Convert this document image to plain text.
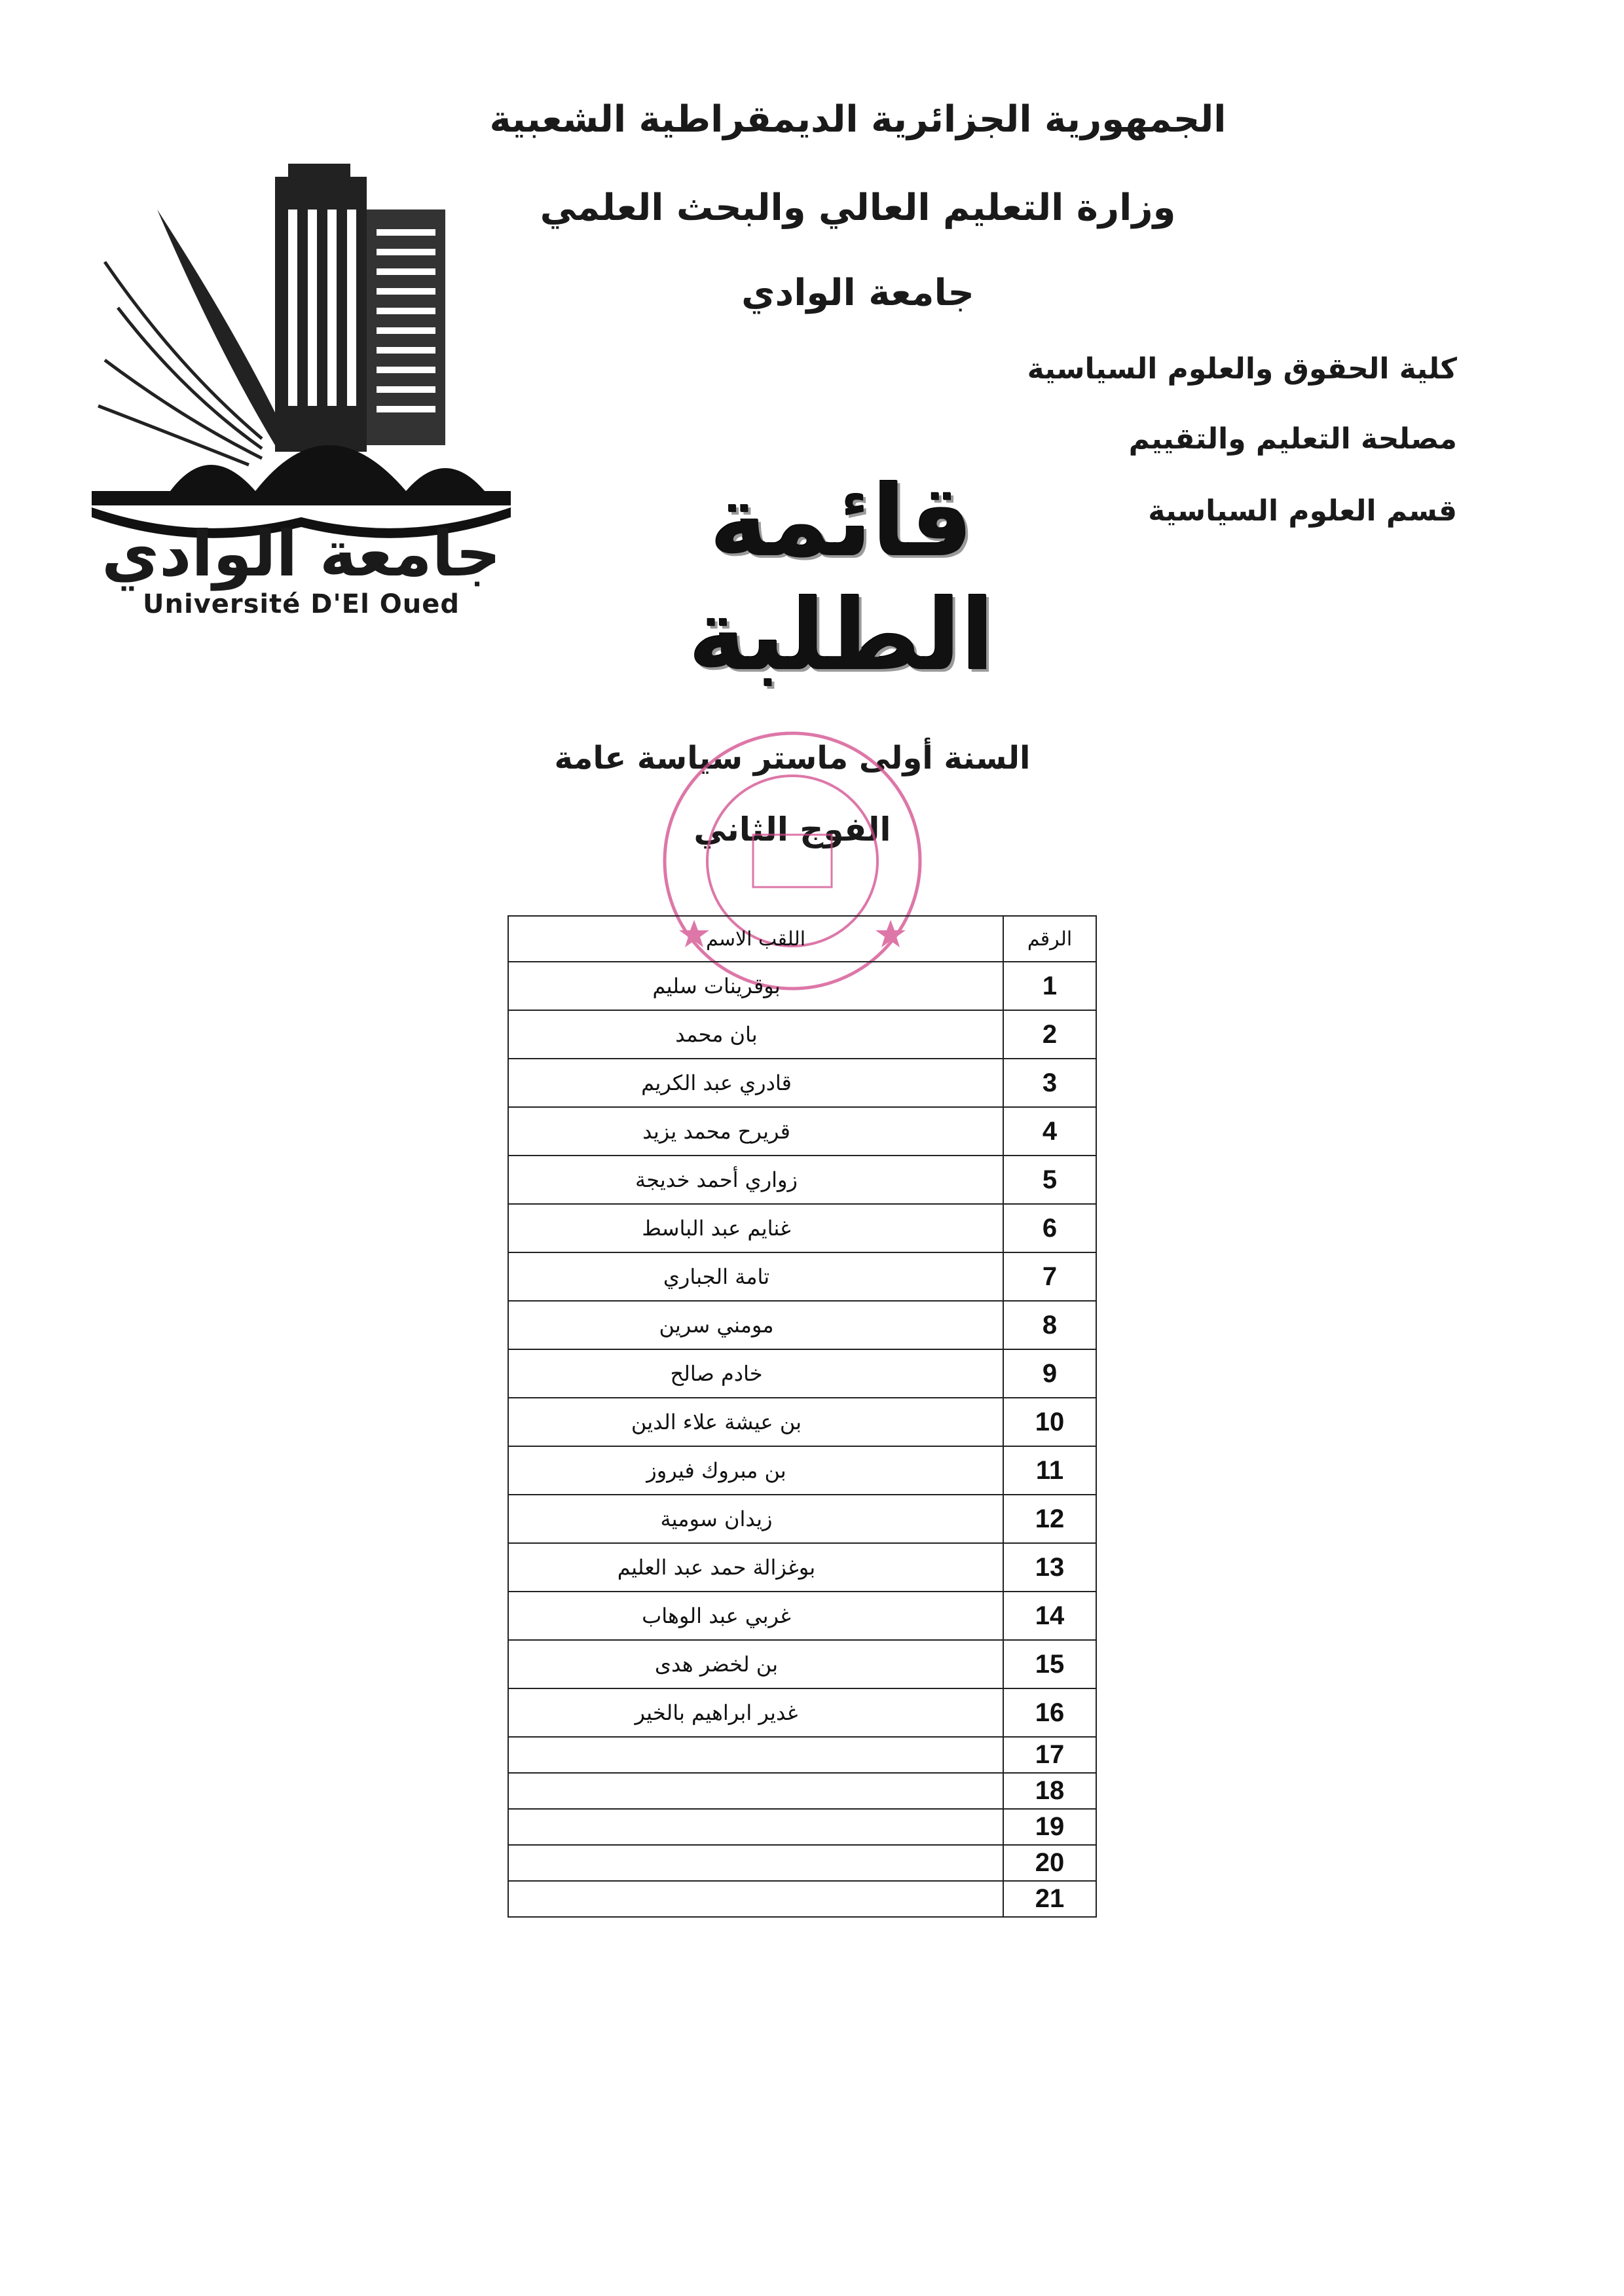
جامعة الوادي
Université D'El Oued
الجمهورية الجزائرية الديمقراطية الشعبية
وزارة التعليم العالي والبحث العلمي
جامعة الوادي
كلية الحقوق والعلوم السياسية
مصلحة التعليم والتقييم
قسم العلوم السياسية
قائمة الطلبة
السنة أولى ماستر سياسة عامة
الفوج الثاني
الرقم	اللقب الاسم
1	بوقرينات سليم
2	بان محمد
3	قادري عبد الكريم
4	قريرح محمد يزيد
5	زواري أحمد خديجة
6	غنايم عبد الباسط
7	تامة الجباري
8	مومني سرين
9	خادم صالح
10	بن عيشة علاء الدين
11	بن مبروك فيروز
12	زيدان سومية
13	بوغزالة حمد عبد العليم
14	غربي عبد الوهاب
15	بن لخضر هدى
16	غدير ابراهيم بالخير
17	
18	
19	
20	
21	
